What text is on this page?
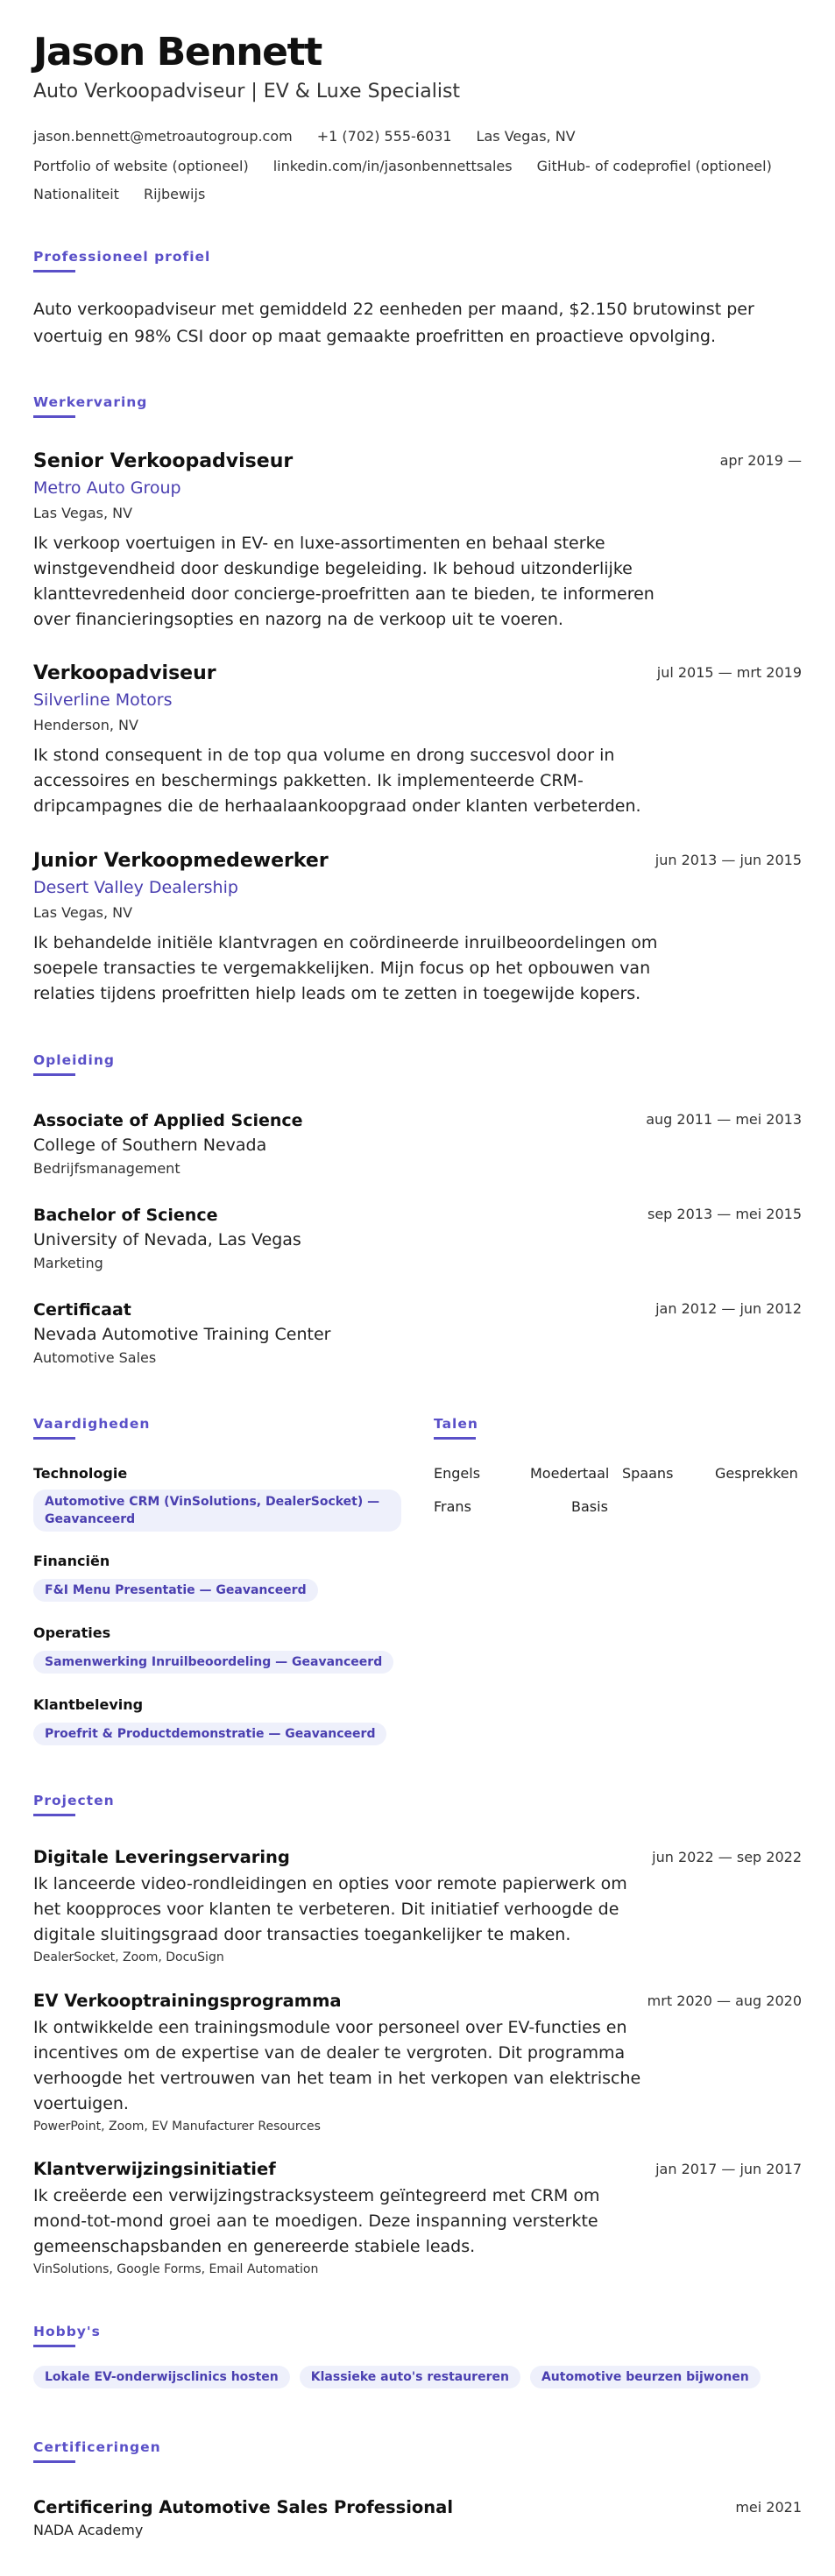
Jason Bennett
Auto Verkoopadviseur | EV & Luxe Specialist
jason.bennett@metroautogroup.com +1 (702) 555-6031 Las Vegas, NV
Portfolio of website (optioneel) linkedin.com/in/jasonbennettsales GitHub- of codeprofiel (optioneel)
Nationaliteit Rijbewijs
Professioneel profiel
Auto verkoopadviseur met gemiddeld 22 eenheden per maand, $2.150 brutowinst per voertuig en 98% CSI door op maat gemaakte proefritten en proactieve opvolging.
Werkervaring
Senior Verkoopadviseur	apr 2019 —
Metro Auto Group
Las Vegas, NV
Ik verkoop voertuigen in EV- en luxe-assortimenten en behaal sterke winstgevendheid door deskundige begeleiding. Ik behoud uitzonderlijke klanttevredenheid door concierge-proefritten aan te bieden, te informeren over financieringsopties en nazorg na de verkoop uit te voeren.
Verkoopadviseur	jul 2015 — mrt 2019
Silverline Motors
Henderson, NV
Ik stond consequent in de top qua volume en drong succesvol door in accessoires en beschermings pakketten. Ik implementeerde CRM-dripcampagnes die de herhaalaankoopgraad onder klanten verbeterden.
Junior Verkoopmedewerker	jun 2013 — jun 2015
Desert Valley Dealership
Las Vegas, NV
Ik behandelde initiële klantvragen en coördineerde inruilbeoordelingen om soepele transacties te vergemakkelijken. Mijn focus op het opbouwen van relaties tijdens proefritten hielp leads om te zetten in toegewijde kopers.
Opleiding
Associate of Applied Science	aug 2011 — mei 2013
College of Southern Nevada
Bedrijfsmanagement
Bachelor of Science	sep 2013 — mei 2015
University of Nevada, Las Vegas
Marketing
Certificaat	jan 2012 — jun 2012
Nevada Automotive Training Center
Automotive Sales
Vaardigheden
Technologie
Automotive CRM (VinSolutions, DealerSocket) — Geavanceerd
Financiën
F&I Menu Presentatie — Geavanceerd
Operaties
Samenwerking Inruilbeoordeling — Geavanceerd
Klantbeleving
Proefrit & Productdemonstratie — Geavanceerd
Talen
Engels	Moedertaal Spaans	Gesprekken
Frans	Basis
Projecten
Digitale Leveringservaring	jun 2022 — sep 2022
Ik lanceerde video-rondleidingen en opties voor remote papierwerk om het koopproces voor klanten te verbeteren. Dit initiatief verhoogde de digitale sluitingsgraad door transacties toegankelijker te maken.
DealerSocket, Zoom, DocuSign
EV Verkooptrainingsprogramma	mrt 2020 — aug 2020
Ik ontwikkelde een trainingsmodule voor personeel over EV-functies en incentives om de expertise van de dealer te vergroten. Dit programma verhoogde het vertrouwen van het team in het verkopen van elektrische voertuigen.
PowerPoint, Zoom, EV Manufacturer Resources
Klantverwijzingsinitiatief	jan 2017 — jun 2017
Ik creëerde een verwijzingstracksysteem geïntegreerd met CRM om mond-tot-mond groei aan te moedigen. Deze inspanning versterkte gemeenschapsbanden en genereerde stabiele leads.
VinSolutions, Google Forms, Email Automation
Hobby's
Lokale EV-onderwijsclinics hosten	Klassieke auto's restaureren	Automotive beurzen bijwonen
Certificeringen
Certificering Automotive Sales Professional	mei 2021
NADA Academy
